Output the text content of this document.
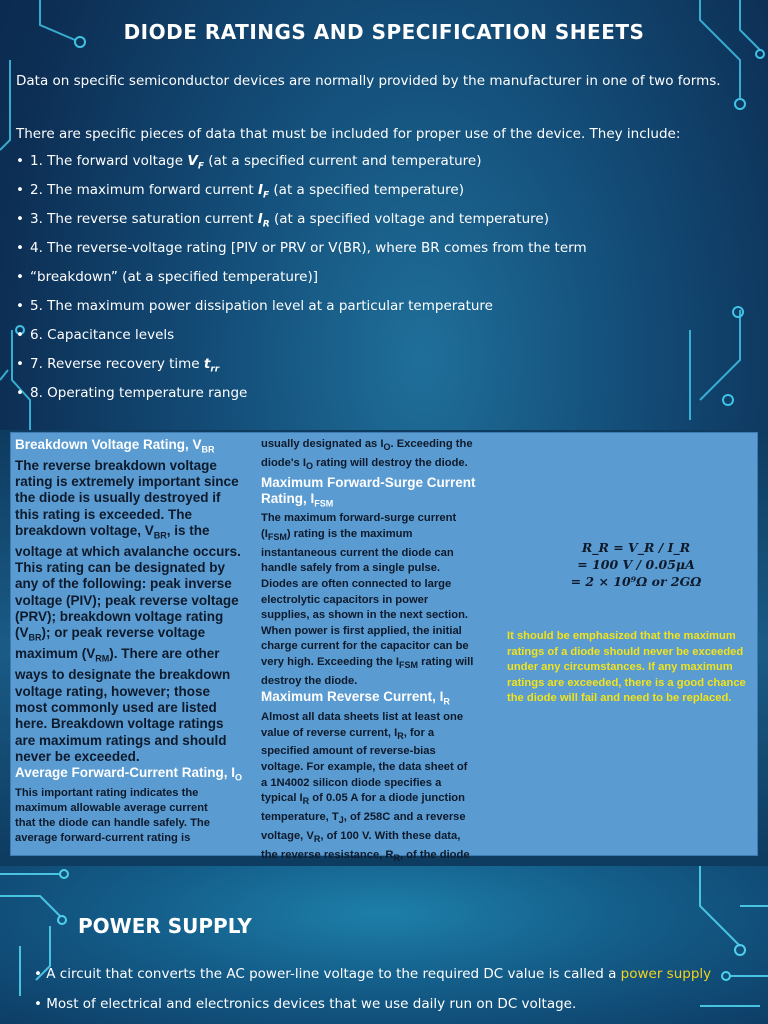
DIODE RATINGS AND SPECIFICATION SHEETS
Data on specific semiconductor devices are normally provided by the manufacturer in one of two forms.
There are specific pieces of data that must be included for proper use of the device. They include:
• 1. The forward voltage $V_F$ (at a specified current and temperature)
• 2. The maximum forward current $I_F$ (at a specified temperature)
• 3. The reverse saturation current $I_R$ (at a specified voltage and temperature)
• 4. The reverse-voltage rating [PIV or PRV or V(BR), where BR comes from the term
• “breakdown” (at a specified temperature)]
• 5. The maximum power dissipation level at a particular temperature
• 6. Capacitance levels
• 7. Reverse recovery time $t_{rr}$
• 8. Operating temperature range
Breakdown Voltage Rating, $V_{BR}$
The reverse breakdown voltage
rating is extremely important since
the diode is usually destroyed if
this rating is exceeded. The
breakdown voltage, $V_{BR}$, is the
voltage at which avalanche occurs.
This rating can be designated by
any of the following: peak inverse
voltage (PIV); peak reverse voltage
(PRV); breakdown voltage rating
$(V_{BR})$; or peak reverse voltage
maximum $(V_{RM})$. There are other
ways to designate the breakdown
voltage rating, however; those
most commonly used are listed
here. Breakdown voltage ratings
are maximum ratings and should
never be exceeded.
Average Forward-Current Rating, $I_O$
This important rating indicates the
maximum allowable average current
that the diode can handle safely. The
average forward-current rating is
usually designated as $I_O$. Exceeding the
diode's $I_O$ rating will destroy the diode.
Maximum Forward-Surge Current Rating, $I_{FSM}$
The maximum forward-surge current
$(I_{FSM})$ rating is the maximum
instantaneous current the diode can
handle safely from a single pulse.
Diodes are often connected to large
electrolytic capacitors in power
supplies, as shown in the next section.
When power is first applied, the initial
charge current for the capacitor can be
very high. Exceeding the $I_{FSM}$ rating will
destroy the diode.
Maximum Reverse Current, $I_R$
Almost all data sheets list at least one
value of reverse current, $I_R$, for a
specified amount of reverse-bias
voltage. For example, the data sheet of
a 1N4002 silicon diode specifies a
typical $I_R$ of 0.05 A for a diode junction
temperature, $T_J$, of 258C and a reverse
voltage, $V_R$, of 100 V. With these data,
the reverse resistance, $R_R$, of the diode
R_R = V_R / I_R
= 100 V / 0.05μA
= 2 × 10⁹Ω or 2GΩ
It should be emphasized that the maximum ratings of a diode should never be exceeded under any circumstances. If any maximum ratings are exceeded, there is a good chance the diode will fail and need to be replaced.
POWER SUPPLY
• A circuit that converts the AC power-line voltage to the required DC value is called a power supply
• Most of electrical and electronics devices that we use daily run on DC voltage.
